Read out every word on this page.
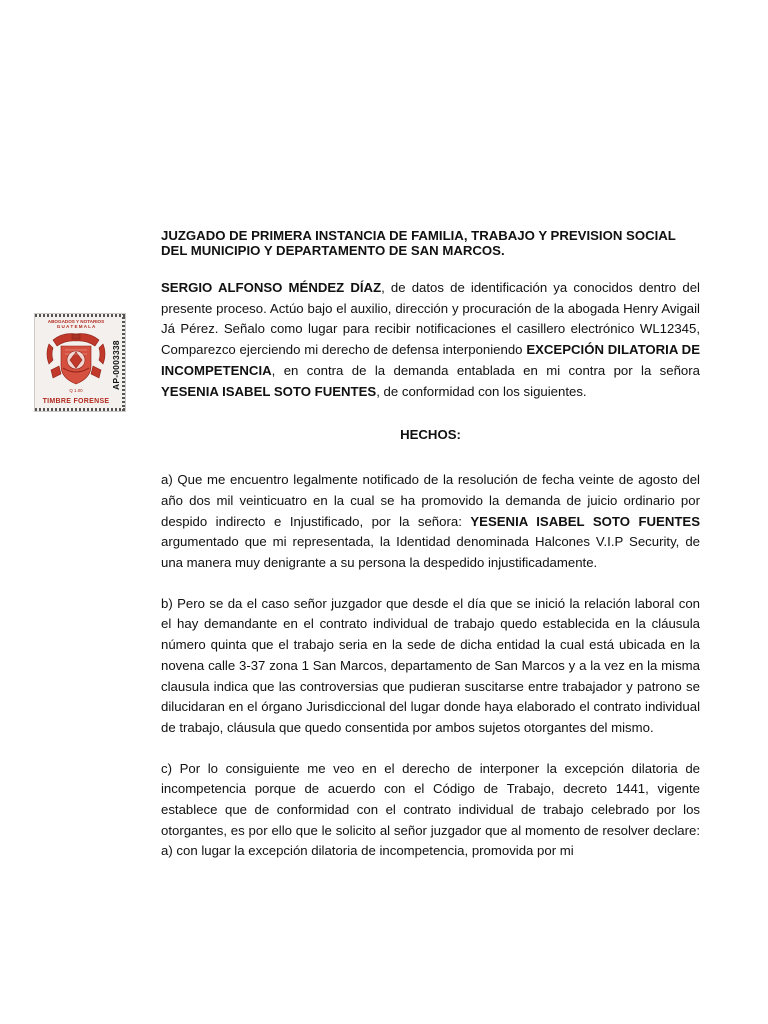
ABOGADOS Y NOTARIOS
G U A T E M A L A
Q 1.00
TIMBRE FORENSE
AP-0003338

JUZGADO DE PRIMERA INSTANCIA DE FAMILIA, TRABAJO Y PREVISION SOCIAL DEL MUNICIPIO Y DEPARTAMENTO DE SAN MARCOS.

SERGIO ALFONSO MÉNDEZ DÍAZ, de datos de identificación ya conocidos dentro del presente proceso. Actúo bajo el auxilio, dirección y procuración de la abogada Henry Avigail Já Pérez. Señalo como lugar para recibir notificaciones el casillero electrónico WL12345, Comparezco ejerciendo mi derecho de defensa interponiendo EXCEPCIÓN DILATORIA DE INCOMPETENCIA, en contra de la demanda entablada en mi contra por la señora YESENIA ISABEL SOTO FUENTES, de conformidad con los siguientes.

HECHOS:

a) Que me encuentro legalmente notificado de la resolución de fecha veinte de agosto del año dos mil veinticuatro en la cual se ha promovido la demanda de juicio ordinario por despido indirecto e Injustificado, por la señora: YESENIA ISABEL SOTO FUENTES argumentado que mi representada, la Identidad denominada Halcones V.I.P Security, de una manera muy denigrante a su persona la despedido injustificadamente.

b) Pero se da el caso señor juzgador que desde el día que se inició la relación laboral con el hay demandante en el contrato individual de trabajo quedo establecida en la cláusula número quinta que el trabajo seria en la sede de dicha entidad la cual está ubicada en la novena calle 3-37 zona 1 San Marcos, departamento de San Marcos y a la vez en la misma clausula indica que las controversias que pudieran suscitarse entre trabajador y patrono se dilucidaran en el órgano Jurisdiccional del lugar donde haya elaborado el contrato individual de trabajo, cláusula que quedo consentida por ambos sujetos otorgantes del mismo.

c) Por lo consiguiente me veo en el derecho de interponer la excepción dilatoria de incompetencia porque de acuerdo con el Código de Trabajo, decreto 1441, vigente establece que de conformidad con el contrato individual de trabajo celebrado por los otorgantes, es por ello que le solicito al señor juzgador que al momento de resolver declare: a) con lugar la excepción dilatoria de incompetencia, promovida por mi
